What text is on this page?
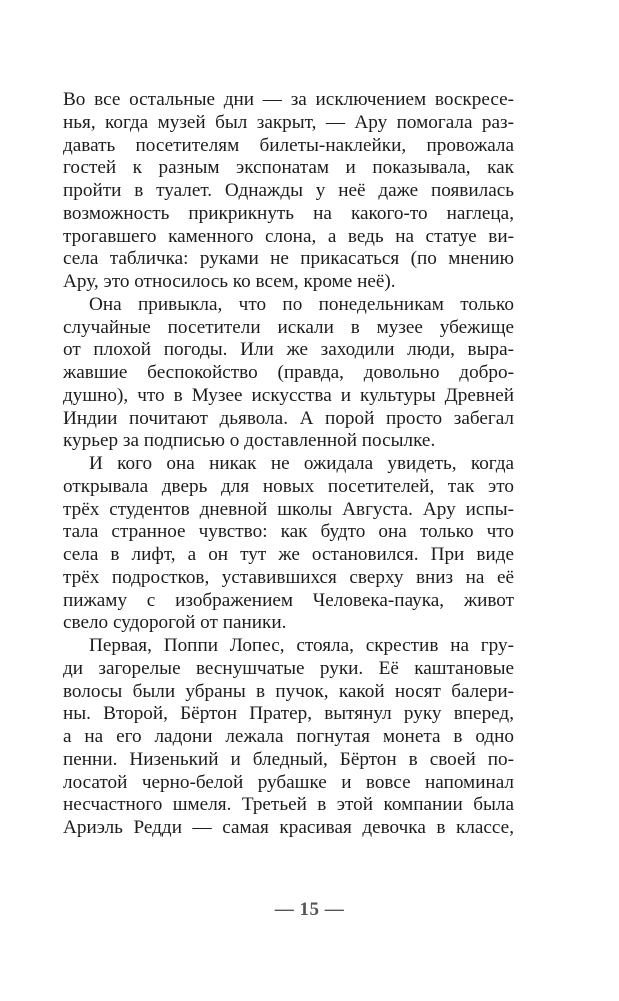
Во все остальные дни — за исключением воскресе-
нья, когда музей был закрыт, — Ару помогала раз-
давать посетителям билеты-наклейки, провожала
гостей к разным экспонатам и показывала, как
пройти в туалет. Однажды у неё даже появилась
возможность прикрикнуть на какого-то наглеца,
трогавшего каменного слона, а ведь на статуе ви-
села табличка: руками не прикасаться (по мнению
Ару, это относилось ко всем, кроме неё).
Она привыкла, что по понедельникам только
случайные посетители искали в музее убежище
от плохой погоды. Или же заходили люди, выра-
жавшие беспокойство (правда, довольно добро-
душно), что в Музее искусства и культуры Древней
Индии почитают дьявола. А порой просто забегал
курьер за подписью о доставленной посылке.
И кого она никак не ожидала увидеть, когда
открывала дверь для новых посетителей, так это
трёх студентов дневной школы Августа. Ару испы-
тала странное чувство: как будто она только что
села в лифт, а он тут же остановился. При виде
трёх подростков, уставившихся сверху вниз на её
пижаму с изображением Человека-паука, живот
свело судорогой от паники.
Первая, Поппи Лопес, стояла, скрестив на гру-
ди загорелые веснушчатые руки. Её каштановые
волосы были убраны в пучок, какой носят балери-
ны. Второй, Бёртон Пратер, вытянул руку вперед,
а на его ладони лежала погнутая монета в одно
пенни. Низенький и бледный, Бёртон в своей по-
лосатой черно-белой рубашке и вовсе напоминал
несчастного шмеля. Третьей в этой компании была
Ариэль Редди — самая красивая девочка в классе,
— 15 —
